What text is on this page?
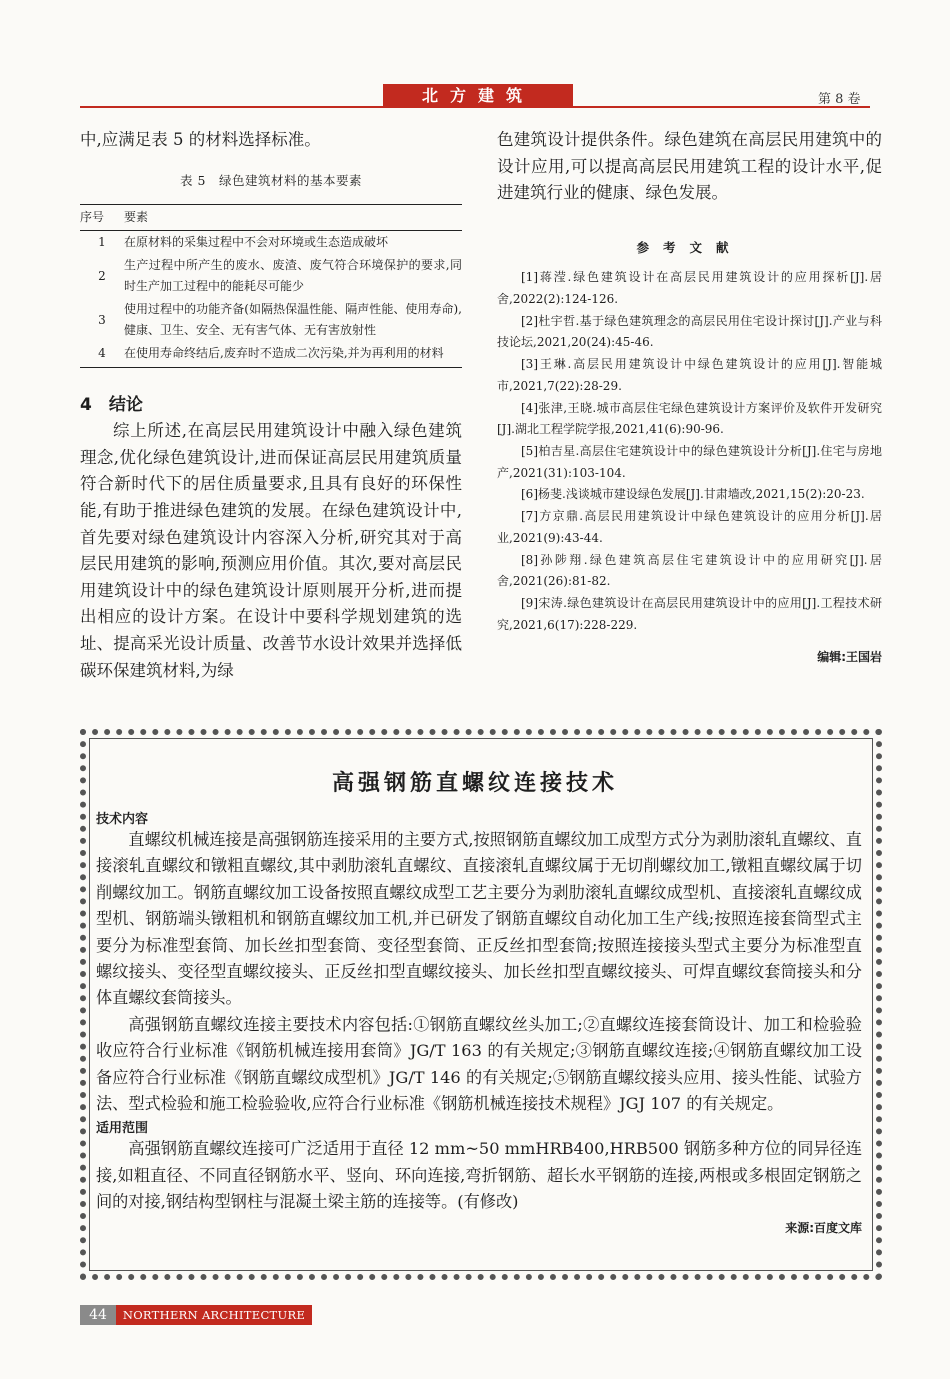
北方建筑	第 8 卷

中,应满足表 5 的材料选择标准。

表 5　绿色建筑材料的基本要素
序号	要素
1	在原材料的采集过程中不会对环境或生态造成破坏
2	生产过程中所产生的废水、废渣、废气符合环境保护的要求,同时生产加工过程中的能耗尽可能少
3	使用过程中的功能齐备(如隔热保温性能、隔声性能、使用寿命),健康、卫生、安全、无有害气体、无有害放射性
4	在使用寿命终结后,废弃时不造成二次污染,并为再利用的材料
4　结论

综上所述,在高层民用建筑设计中融入绿色建筑理念,优化绿色建筑设计,进而保证高层民用建筑质量符合新时代下的居住质量要求,且具有良好的环保性能,有助于推进绿色建筑的发展。在绿色建筑设计中,首先要对绿色建筑设计内容深入分析,研究其对于高层民用建筑的影响,预测应用价值。其次,要对高层民用建筑设计中的绿色建筑设计原则展开分析,进而提出相应的设计方案。在设计中要科学规划建筑的选址、提高采光设计质量、改善节水设计效果并选择低碳环保建筑材料,为绿

色建筑设计提供条件。绿色建筑在高层民用建筑中的设计应用,可以提高高层民用建筑工程的设计水平,促进建筑行业的健康、绿色发展。

参考文献

[1]蒋滢.绿色建筑设计在高层民用建筑设计的应用探析[J].居舍,2022(2):124-126.

[2]杜宇哲.基于绿色建筑理念的高层民用住宅设计探讨[J].产业与科技论坛,2021,20(24):45-46.

[3]王琳.高层民用建筑设计中绿色建筑设计的应用[J].智能城市,2021,7(22):28-29.

[4]张津,王晓.城市高层住宅绿色建筑设计方案评价及软件开发研究[J].湖北工程学院学报,2021,41(6):90-96.

[5]柏吉星.高层住宅建筑设计中的绿色建筑设计分析[J].住宅与房地产,2021(31):103-104.

[6]杨斐.浅谈城市建设绿色发展[J].甘肃墙改,2021,15(2):20-23.

[7]方京鼎.高层民用建筑设计中绿色建筑设计的应用分析[J].居业,2021(9):43-44.

[8]孙陟翔.绿色建筑高层住宅建筑设计中的应用研究[J].居舍,2021(26):81-82.

[9]宋涛.绿色建筑设计在高层民用建筑设计中的应用[J].工程技术研究,2021,6(17):228-229.

编辑:王国岩
高强钢筋直螺纹连接技术
技术内容

直螺纹机械连接是高强钢筋连接采用的主要方式,按照钢筋直螺纹加工成型方式分为剥肋滚轧直螺纹、直接滚轧直螺纹和镦粗直螺纹,其中剥肋滚轧直螺纹、直接滚轧直螺纹属于无切削螺纹加工,镦粗直螺纹属于切削螺纹加工。钢筋直螺纹加工设备按照直螺纹成型工艺主要分为剥肋滚轧直螺纹成型机、直接滚轧直螺纹成型机、钢筋端头镦粗机和钢筋直螺纹加工机,并已研发了钢筋直螺纹自动化加工生产线;按照连接套筒型式主要分为标准型套筒、加长丝扣型套筒、变径型套筒、正反丝扣型套筒;按照连接接头型式主要分为标准型直螺纹接头、变径型直螺纹接头、正反丝扣型直螺纹接头、加长丝扣型直螺纹接头、可焊直螺纹套筒接头和分体直螺纹套筒接头。

高强钢筋直螺纹连接主要技术内容包括:①钢筋直螺纹丝头加工;②直螺纹连接套筒设计、加工和检验验收应符合行业标准《钢筋机械连接用套筒》JG/T 163 的有关规定;③钢筋直螺纹连接;④钢筋直螺纹加工设备应符合行业标准《钢筋直螺纹成型机》JG/T 146 的有关规定;⑤钢筋直螺纹接头应用、接头性能、试验方法、型式检验和施工检验验收,应符合行业标准《钢筋机械连接技术规程》JGJ 107 的有关规定。

适用范围

高强钢筋直螺纹连接可广泛适用于直径 12 mm~50 mmHRB400,HRB500 钢筋多种方位的同异径连接,如粗直径、不同直径钢筋水平、竖向、环向连接,弯折钢筋、超长水平钢筋的连接,两根或多根固定钢筋之间的对接,钢结构型钢柱与混凝土梁主筋的连接等。(有修改)

来源:百度文库
44	NORTHERN ARCHITECTURE
